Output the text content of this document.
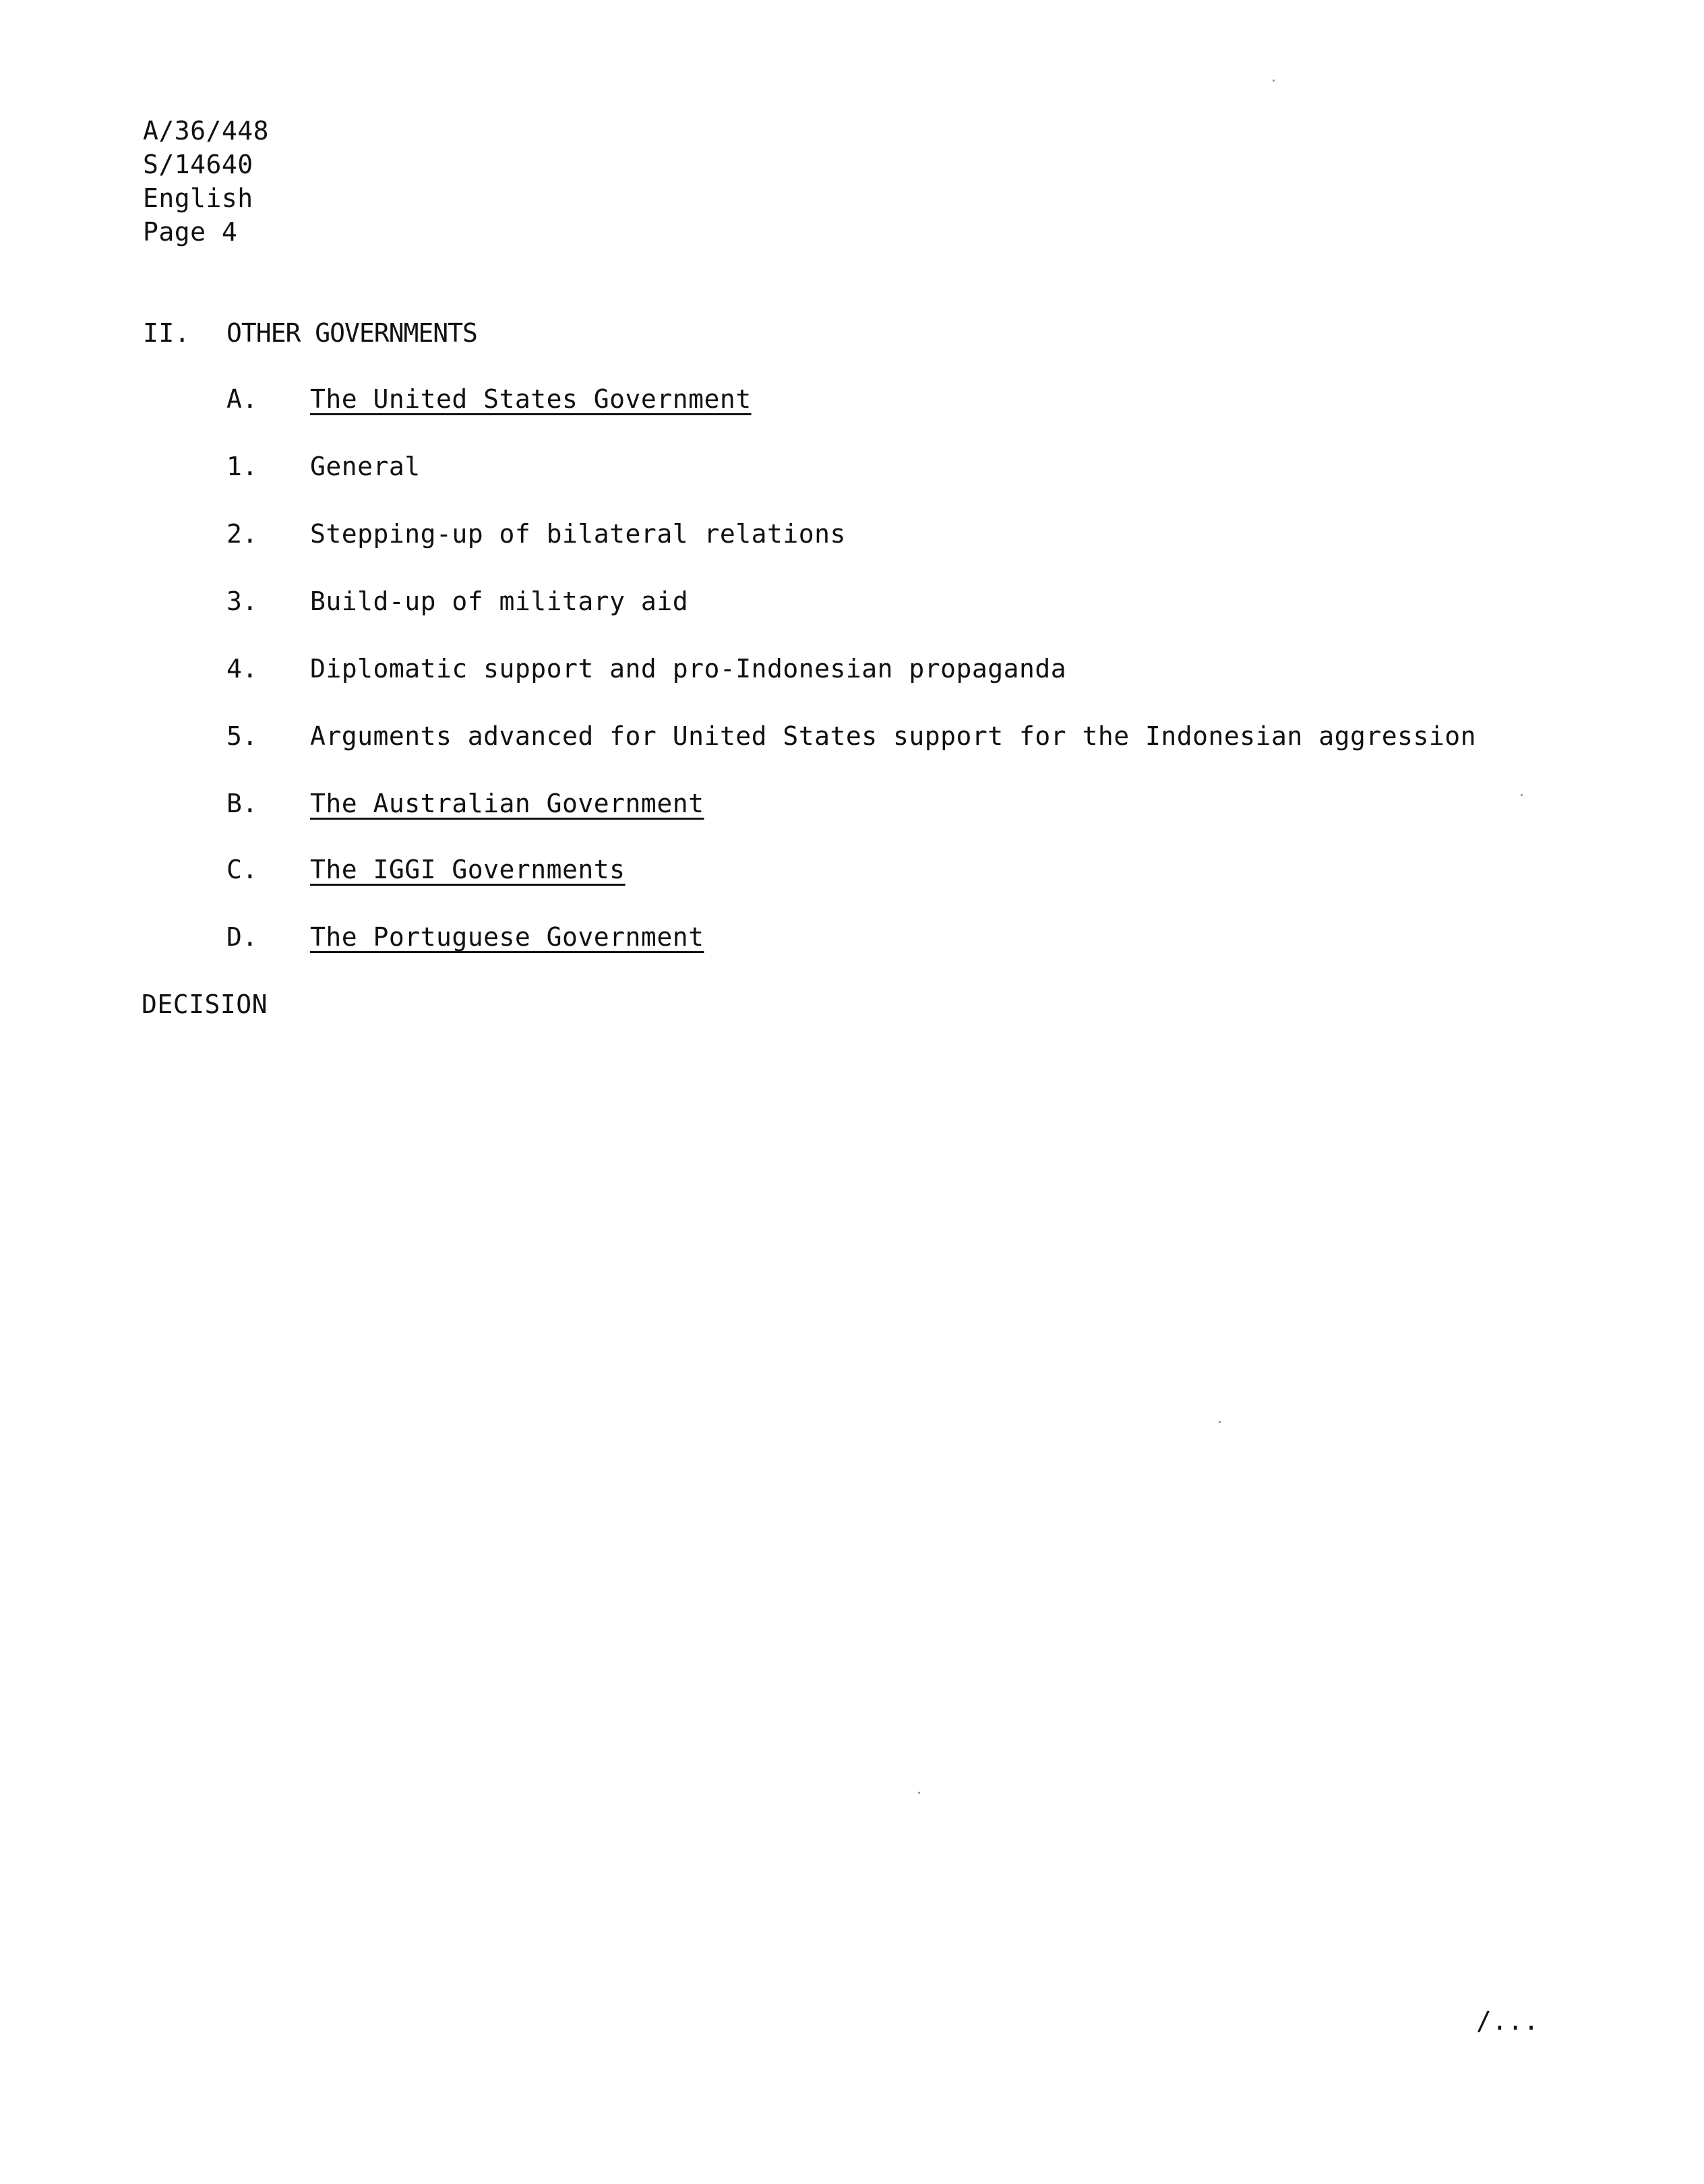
A/36/448
S/14640
English
Page 4
II. OTHER GOVERNMENTS
A. The United States Government
1. General
2. Stepping-up of bilateral relations
3. Build-up of military aid
4. Diplomatic support and pro-Indonesian propaganda
5. Arguments advanced for United States support for the Indonesian aggression
B. The Australian Government
C. The IGGI Governments
D. The Portuguese Government
DECISION
/...
